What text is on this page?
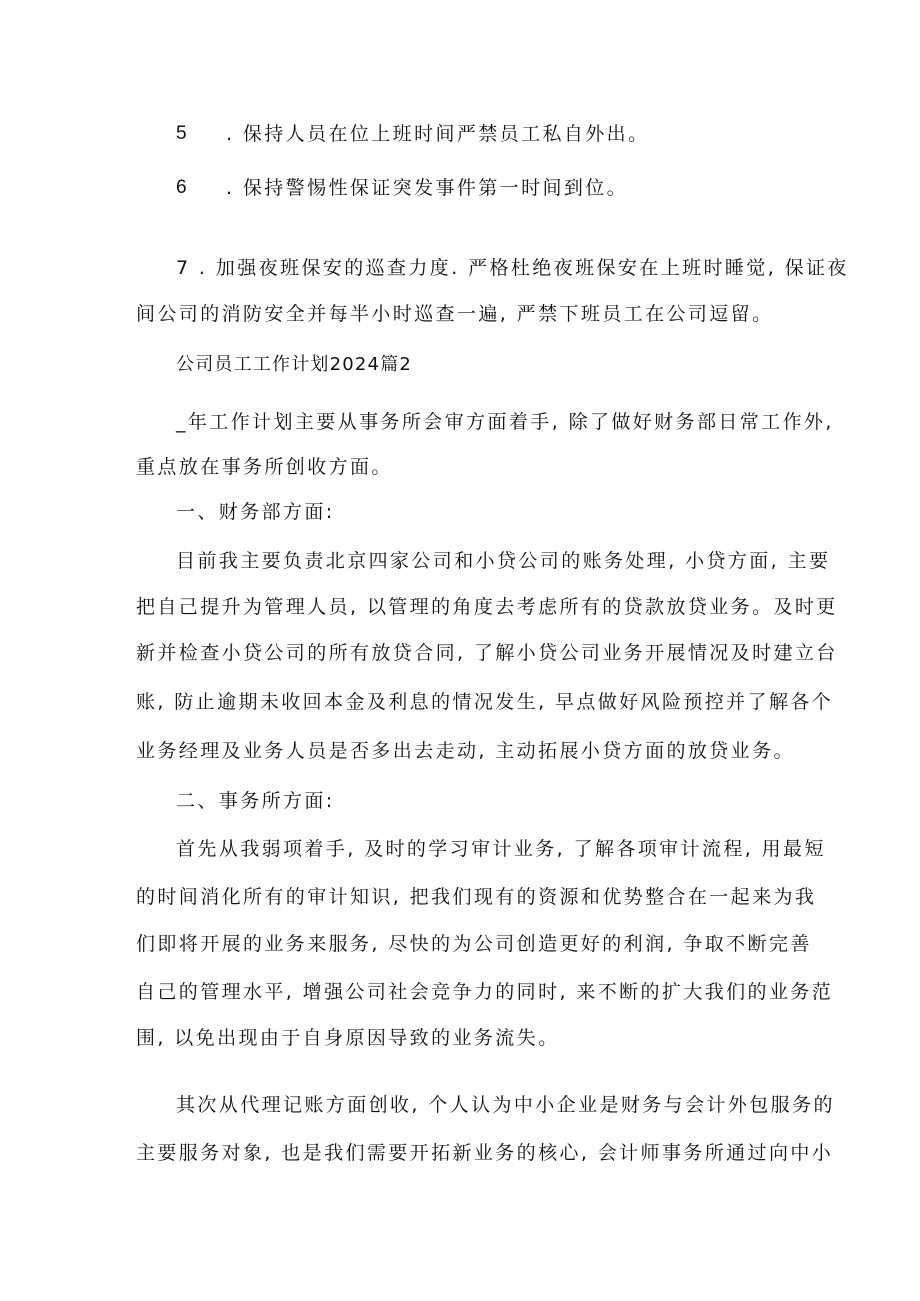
5 . 保持人员在位上班时间严禁员工私自外出。
6 . 保持警惕性保证突发事件第一时间到位。
7 . 加强夜班保安的巡查力度. 严格杜绝夜班保安在上班时睡觉, 保证夜
间公司的消防安全并每半小时巡查一遍, 严禁下班员工在公司逗留。
公司员工工作计划2024篇2
_年工作计划主要从事务所会审方面着手, 除了做好财务部日常工作外,
重点放在事务所创收方面。
一、财务部方面:
目前我主要负责北京四家公司和小贷公司的账务处理, 小贷方面, 主要
把自己提升为管理人员, 以管理的角度去考虑所有的贷款放贷业务。及时更
新并检查小贷公司的所有放贷合同, 了解小贷公司业务开展情况及时建立台
账, 防止逾期未收回本金及利息的情况发生, 早点做好风险预控并了解各个
业务经理及业务人员是否多出去走动, 主动拓展小贷方面的放贷业务。
二、事务所方面:
首先从我弱项着手, 及时的学习审计业务, 了解各项审计流程, 用最短
的时间消化所有的审计知识, 把我们现有的资源和优势整合在一起来为我
们即将开展的业务来服务, 尽快的为公司创造更好的利润, 争取不断完善
自己的管理水平, 增强公司社会竞争力的同时, 来不断的扩大我们的业务范
围, 以免出现由于自身原因导致的业务流失。
其次从代理记账方面创收, 个人认为中小企业是财务与会计外包服务的
主要服务对象, 也是我们需要开拓新业务的核心, 会计师事务所通过向中小
